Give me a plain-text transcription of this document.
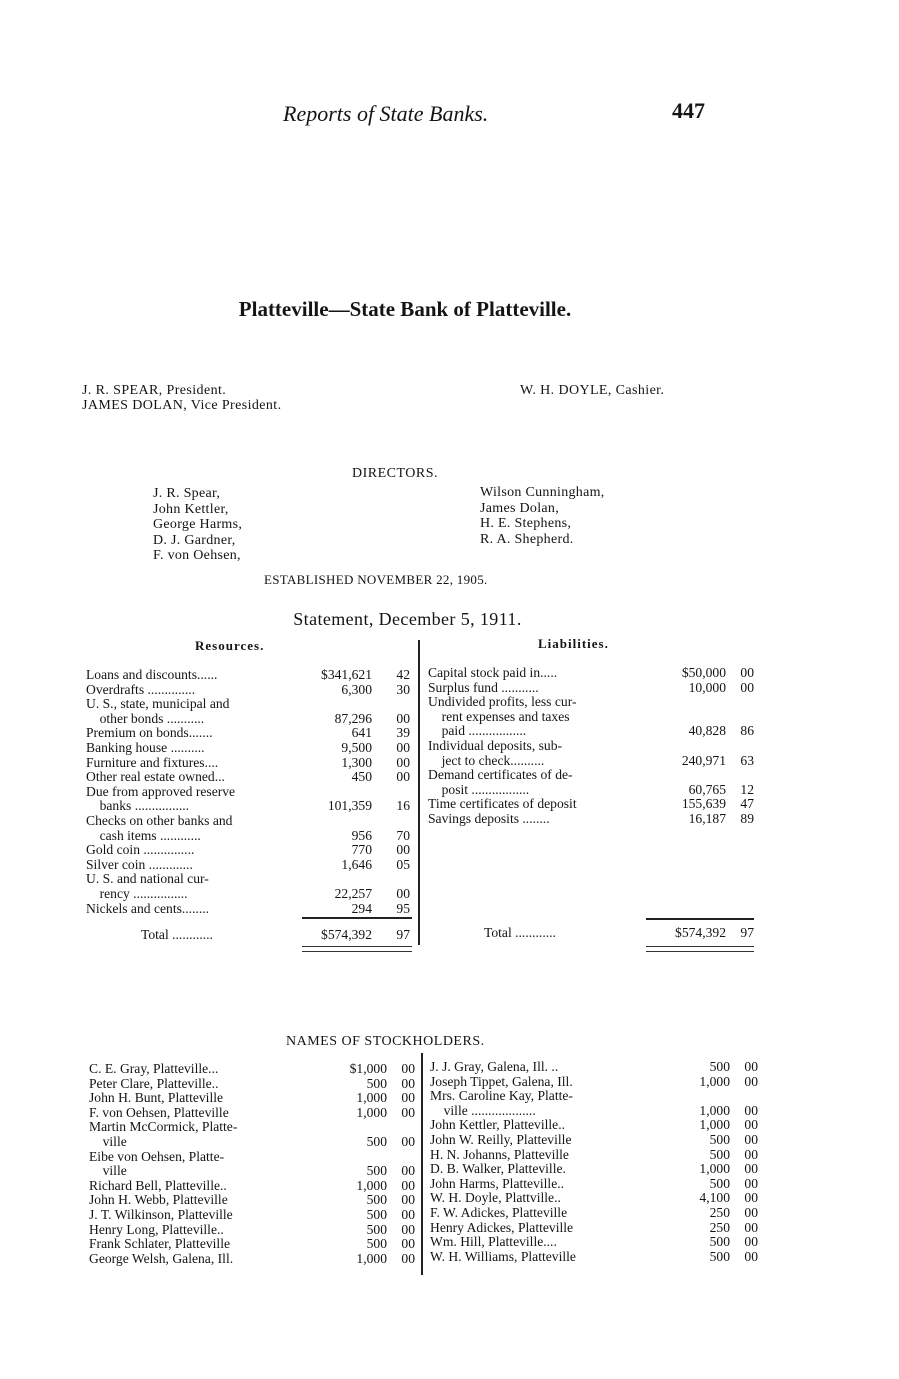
Reports of State Banks.	447
Platteville—State Bank of Platteville.
J. R. SPEAR, President.
JAMES DOLAN, Vice President.
W. H. DOYLE, Cashier.
DIRECTORS.
J. R. Spear,
John Kettler,
George Harms,
D. J. Gardner,
F. von Oehsen,
Wilson Cunningham,
James Dolan,
H. E. Stephens,
R. A. Shepherd.
ESTABLISHED NOVEMBER 22, 1905.
Statement, December 5, 1911.
Resources.	Liabilities.
Loans and discounts......	$341,621	42
Overdrafts ..............	6,300	30
U. S., state, municipal and
other bonds ...........	87,296	00
Premium on bonds.......	641	39
Banking house ..........	9,500	00
Furniture and fixtures....	1,300	00
Other real estate owned...	450	00
Due from approved reserve
banks ................	101,359	16
Checks on other banks and
cash items ............	956	70
Gold coin ...............	770	00
Silver coin .............	1,646	05
U. S. and national cur-
rency ................	22,257	00
Nickels and cents........	294	95
Total ............	$574,392	97
Capital stock paid in.....	$50,000	00
Surplus fund ...........	10,000	00
Undivided profits, less cur-
rent expenses and taxes
paid .................	40,828	86
Individual deposits, sub-
ject to check..........	240,971	63
Demand certificates of de-
posit .................	60,765	12
Time certificates of deposit	155,639	47
Savings deposits ........	16,187	89
Total ............	$574,392	97
NAMES OF STOCKHOLDERS.
C. E. Gray, Platteville...	$1,000	00
Peter Clare, Platteville..	500	00
John H. Bunt, Platteville	1,000	00
F. von Oehsen, Platteville	1,000	00
Martin McCormick, Platte-
ville	500	00
Eibe von Oehsen, Platte-
ville	500	00
Richard Bell, Platteville..	1,000	00
John H. Webb, Platteville	500	00
J. T. Wilkinson, Platteville	500	00
Henry Long, Platteville..	500	00
Frank Schlater, Platteville	500	00
George Welsh, Galena, Ill.	1,000	00
J. J. Gray, Galena, Ill. ..	500	00
Joseph Tippet, Galena, Ill.	1,000	00
Mrs. Caroline Kay, Platte-
ville ...................	1,000	00
John Kettler, Platteville..	1,000	00
John W. Reilly, Platteville	500	00
H. N. Johanns, Platteville	500	00
D. B. Walker, Platteville.	1,000	00
John Harms, Platteville..	500	00
W. H. Doyle, Plattville..	4,100	00
F. W. Adickes, Platteville	250	00
Henry Adickes, Platteville	250	00
Wm. Hill, Platteville....	500	00
W. H. Williams, Platteville	500	00
